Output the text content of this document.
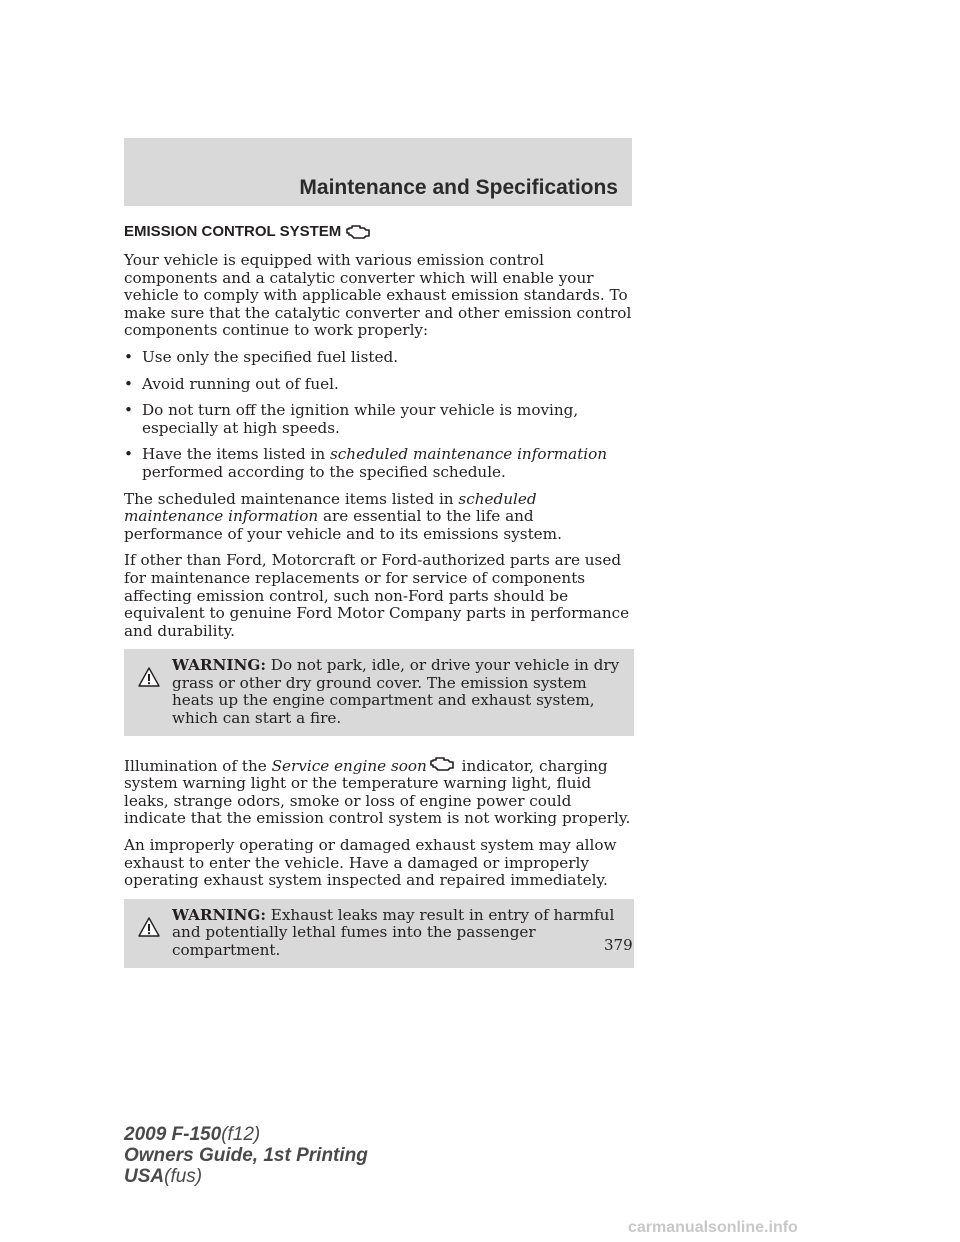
Maintenance and Specifications
EMISSION CONTROL SYSTEM

Your vehicle is equipped with various emission control components and a catalytic converter which will enable your vehicle to comply with applicable exhaust emission standards. To make sure that the catalytic converter and other emission control components continue to work properly:

• Use only the specified fuel listed.
• Avoid running out of fuel.
• Do not turn off the ignition while your vehicle is moving, especially at high speeds.
• Have the items listed in scheduled maintenance information performed according to the specified schedule.

The scheduled maintenance items listed in scheduled maintenance information are essential to the life and performance of your vehicle and to its emissions system.

If other than Ford, Motorcraft or Ford-authorized parts are used for maintenance replacements or for service of components affecting emission control, such non-Ford parts should be equivalent to genuine Ford Motor Company parts in performance and durability.

WARNING: Do not park, idle, or drive your vehicle in dry grass or other dry ground cover. The emission system heats up the engine compartment and exhaust system, which can start a fire.

Illumination of the Service engine soon indicator, charging system warning light or the temperature warning light, fluid leaks, strange odors, smoke or loss of engine power could indicate that the emission control system is not working properly.

An improperly operating or damaged exhaust system may allow exhaust to enter the vehicle. Have a damaged or improperly operating exhaust system inspected and repaired immediately.

WARNING: Exhaust leaks may result in entry of harmful and potentially lethal fumes into the passenger compartment.	379
2009 F-150(f12)
Owners Guide, 1st Printing
USA(fus)
carmanualsonline.info
